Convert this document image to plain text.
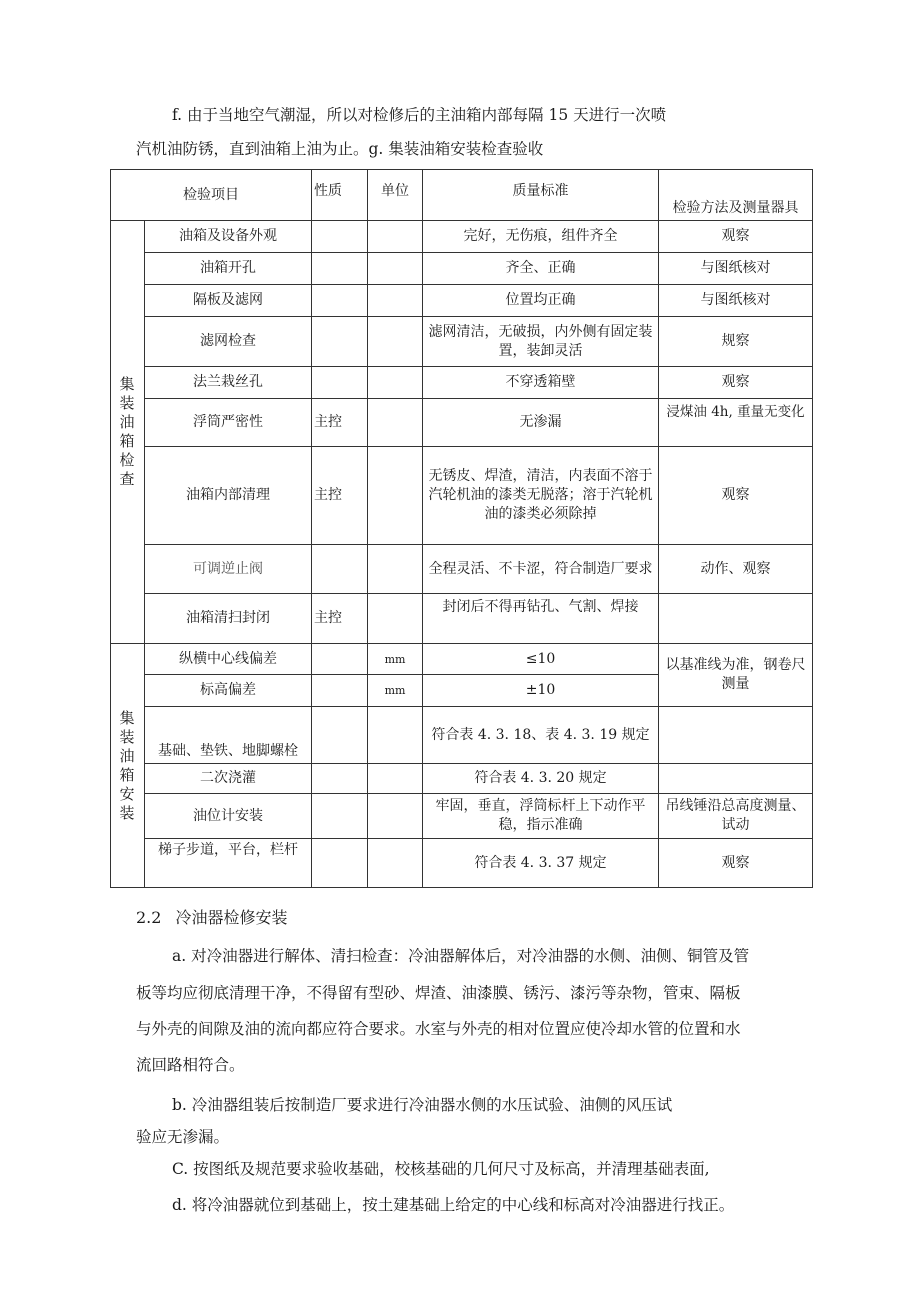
f. 由于当地空气潮湿，所以对检修后的主油箱内部每隔 15 天进行一次喷
汽机油防锈，直到油箱上油为止。g. 集装油箱安装检查验收
检验项目		性质	单位	质量标准	检验方法及测量器具

集 装
油 箱
检查	油箱及设备外观			完好，无伤痕，组件齐全	观察
	油箱开孔			齐全、正确	与图纸核对
	隔板及滤网			位置均正确	与图纸核对
	滤网检查			滤网清洁，无破损，内外侧有固定装置，装卸灵活	规察
	法兰栽丝孔			不穿透箱壁	观察
	浮筒严密性	主控		无渗漏	浸煤油 4h, 重量无变化
	油箱内部清理	主控		无锈皮、焊渣，清洁，内表面不溶于汽轮机油的漆类无脱落；溶于汽轮机油的漆类必须除掉	观察
	可调逆止阀			全程灵活、不卡涩，符合制造厂要求	动作、观察
	油箱清扫封闭	主控		封闭后不得再钻孔、气割、焊接	

集 装
油 箱
安装	纵横中心线偏差		mm	≤10	以基准线为准，钢卷尺测量
	标高偏差		mm	±10	
	基础、垫铁、地脚螺栓			符合表 4. 3. 18、表 4. 3. 19 规定	
	二次浇灌			符合表 4. 3. 20 规定	
	油位计安装			牢固，垂直，浮筒标杆上下动作平稳，指示准确	吊线锤沿总高度测量、试动
	梯子步道，平台，栏杆			符合表 4. 3. 37 规定	观察
2.2 冷油器检修安装
a. 对冷油器进行解体、清扫检查：冷油器解体后，对冷油器的水侧、油侧、铜管及管
板等均应彻底清理干净，不得留有型砂、焊渣、油漆膜、锈污、漆污等杂物，管束、隔板
与外壳的间隙及油的流向都应符合要求。水室与外壳的相对位置应使冷却水管的位置和水
流回路相符合。
b. 冷油器组装后按制造厂要求进行冷油器水侧的水压试验、油侧的风压试
验应无渗漏。
C. 按图纸及规范要求验收基础，校核基础的几何尺寸及标高，并清理基础表面,
d. 将冷油器就位到基础上，按土建基础上给定的中心线和标高对冷油器进行找正。
